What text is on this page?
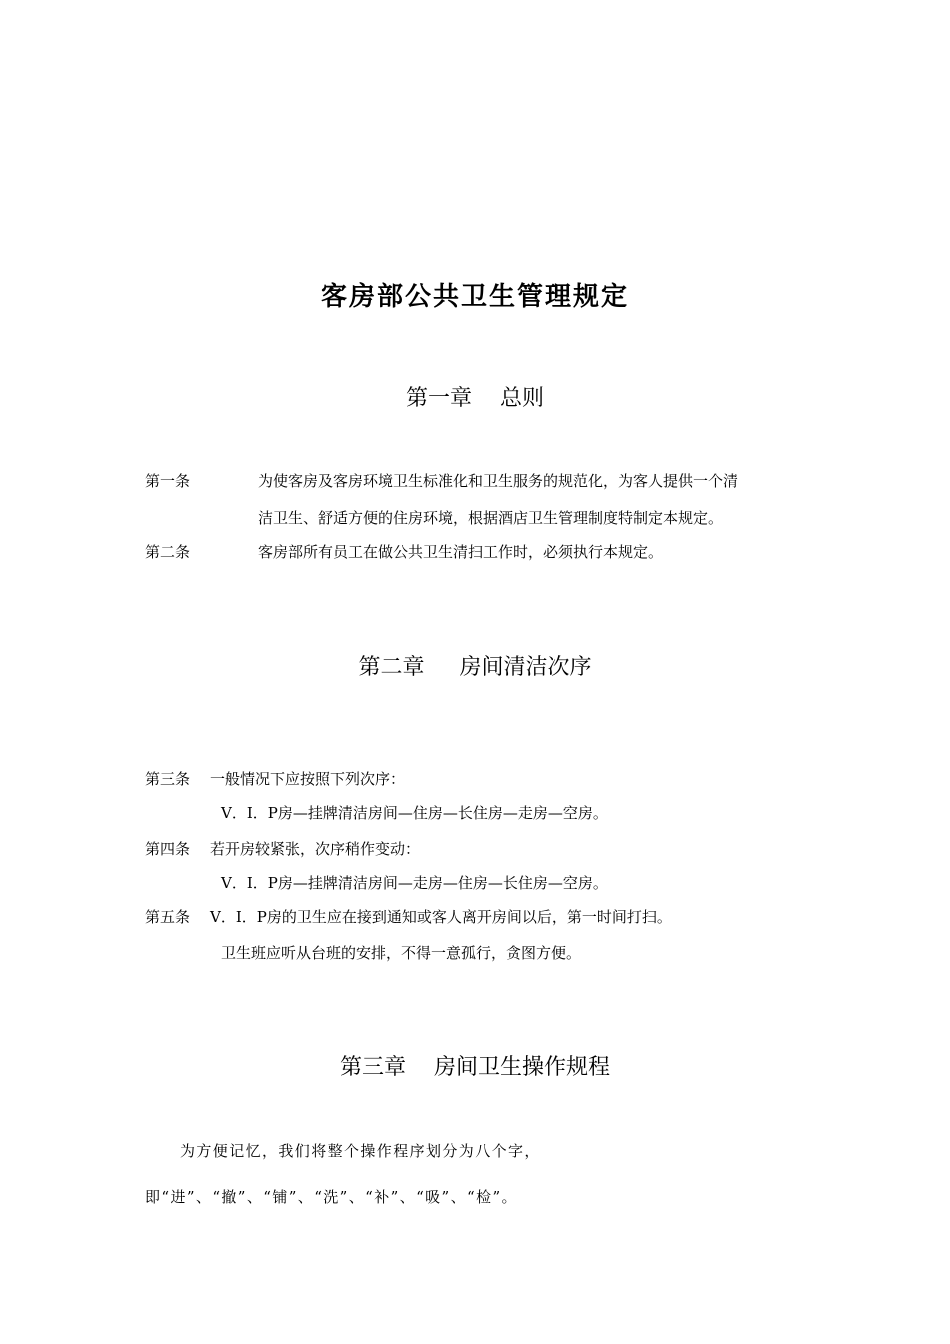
客房部公共卫生管理规定
第一章    总则
第一条	为使客房及客房环境卫生标准化和卫生服务的规范化，为客人提供一个清
洁卫生、舒适方便的住房环境，根据酒店卫生管理制度特制定本规定。
第二条	客房部所有员工在做公共卫生清扫工作时，必须执行本规定。
第二章     房间清洁次序
第三条 一般情况下应按照下列次序：
V．I．P房—挂牌清洁房间—住房—长住房—走房—空房。
第四条 若开房较紧张，次序稍作变动：
V．I．P房—挂牌清洁房间—走房—住房—长住房—空房。
第五条 V．I．P房的卫生应在接到通知或客人离开房间以后，第一时间打扫。
卫生班应听从台班的安排，不得一意孤行，贪图方便。
第三章    房间卫生操作规程
为方便记忆，我们将整个操作程序划分为八个字，即“进”、“撤”、“铺”、“洗”、“补”、“吸”、“检”。
